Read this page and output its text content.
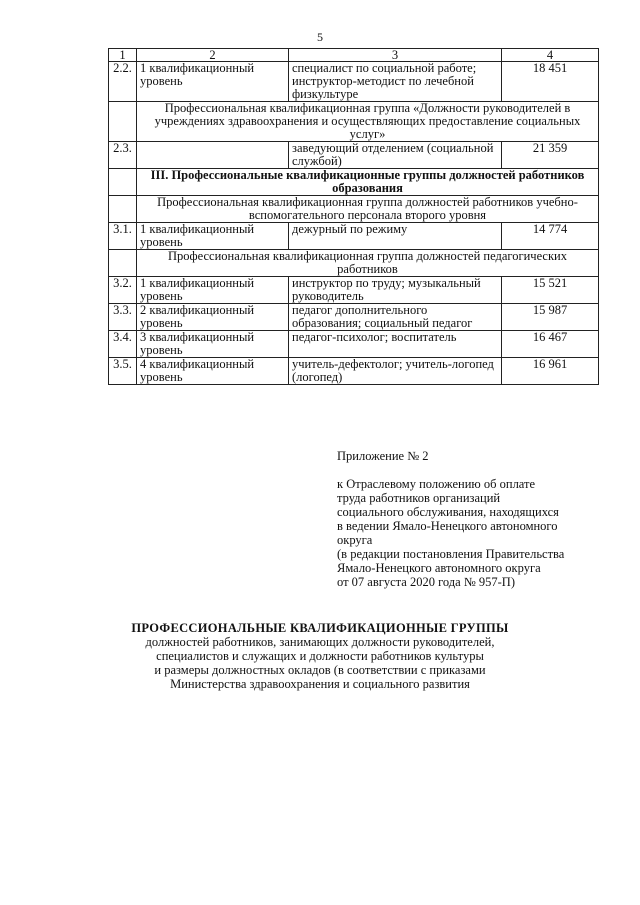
5
1	2	3	4
2.2.	1 квалификационный уровень	специалист по социальной работе; инструктор-методист по лечебной физкультуре	18 451
	Профессиональная квалификационная группа «Должности руководителей в учреждениях здравоохранения и осуществляющих предоставление социальных услуг»		
2.3.		заведующий отделением (социальной службой)	21 359
	III. Профессиональные квалификационные группы должностей работников образования		
	Профессиональная квалификационная группа должностей работников учебно-вспомогательного персонала второго уровня		
3.1.	1 квалификационный уровень	дежурный по режиму	14 774
	Профессиональная квалификационная группа должностей педагогических работников		
3.2.	1 квалификационный уровень	инструктор по труду; музыкальный руководитель	15 521
3.3.	2 квалификационный уровень	педагог дополнительного образования; социальный педагог	15 987
3.4.	3 квалификационный уровень	педагог-психолог; воспитатель	16 467
3.5.	4 квалификационный уровень	учитель-дефектолог; учитель-логопед (логопед)	16 961
Приложение № 2
к Отраслевому положению об оплате
труда работников организаций
социального обслуживания, находящихся
в ведении Ямало-Ненецкого автономного
округа
(в редакции постановления Правительства
Ямало-Ненецкого автономного округа
от 07 августа 2020 года № 957-П)
ПРОФЕССИОНАЛЬНЫЕ КВАЛИФИКАЦИОННЫЕ ГРУППЫ
должностей работников, занимающих должности руководителей,
специалистов и служащих и должности работников культуры
и размеры должностных окладов (в соответствии с приказами
Министерства здравоохранения и социального развития
